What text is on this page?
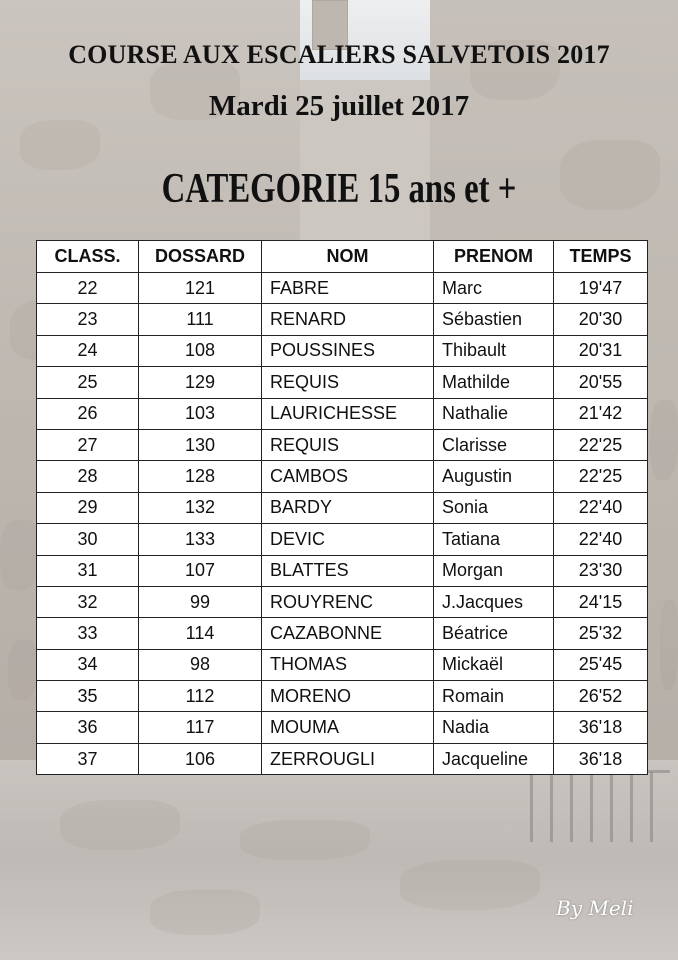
COURSE AUX ESCALIERS SALVETOIS 2017
Mardi 25 juillet 2017
CATEGORIE 15 ans et +
CLASS.	DOSSARD	NOM	PRENOM	TEMPS
22	121	FABRE	Marc	19'47
23	111	RENARD	Sébastien	20'30
24	108	POUSSINES	Thibault	20'31
25	129	REQUIS	Mathilde	20'55
26	103	LAURICHESSE	Nathalie	21'42
27	130	REQUIS	Clarisse	22'25
28	128	CAMBOS	Augustin	22'25
29	132	BARDY	Sonia	22'40
30	133	DEVIC	Tatiana	22'40
31	107	BLATTES	Morgan	23'30
32	99	ROUYRENC	J.Jacques	24'15
33	114	CAZABONNE	Béatrice	25'32
34	98	THOMAS	Mickaël	25'45
35	112	MORENO	Romain	26'52
36	117	MOUMA	Nadia	36'18
37	106	ZERROUGLI	Jacqueline	36'18
By Meli
